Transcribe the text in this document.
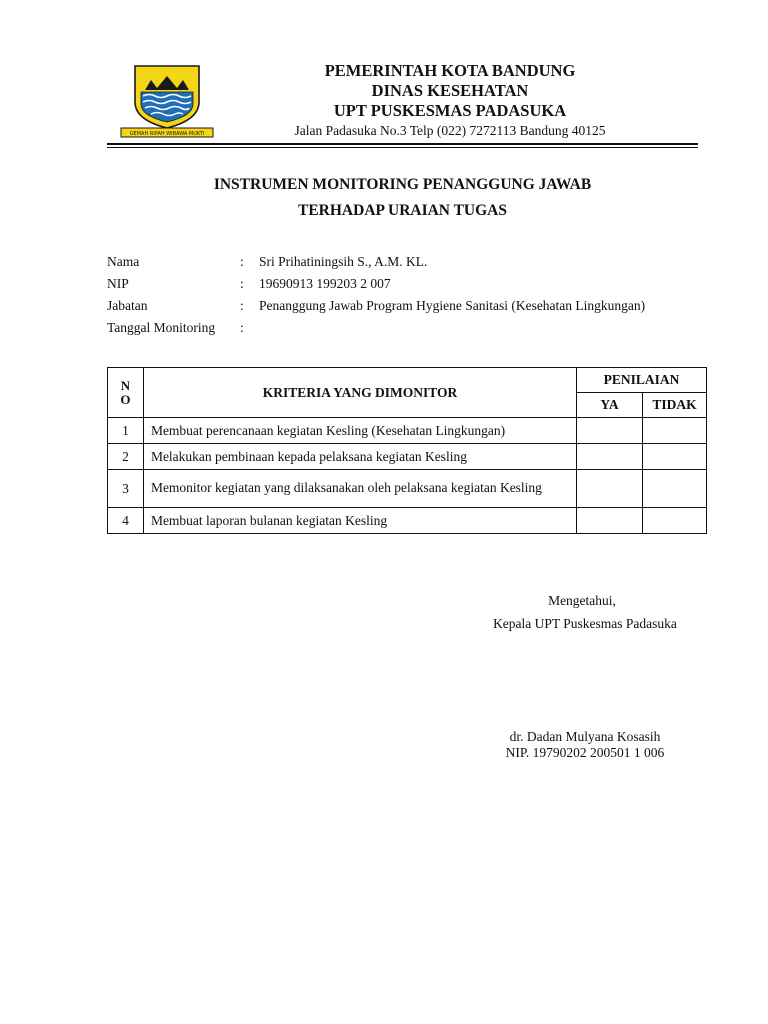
GEMAH RIPAH WIBAWA MUKTI
PEMERINTAH KOTA BANDUNG
DINAS KESEHATAN
UPT PUSKESMAS PADASUKA
Jalan Padasuka No.3 Telp (022) 7272113 Bandung 40125
INSTRUMEN MONITORING PENANGGUNG JAWAB
TERHADAP URAIAN TUGAS
Nama	: Sri Prihatiningsih S., A.M. KL.
NIP	: 19690913 199203 2 007
Jabatan	: Penanggung Jawab Program Hygiene Sanitasi (Kesehatan Lingkungan)
Tanggal Monitoring :
N
O	KRITERIA YANG DIMONITOR	PENILAIAN	
		YA	TIDAK
1	Membuat perencanaan kegiatan Kesling (Kesehatan Lingkungan)		
2	Melakukan pembinaan kepada pelaksana kegiatan Kesling		
3	Memonitor kegiatan yang dilaksanakan oleh pelaksana kegiatan Kesling		
4	Membuat laporan bulanan kegiatan Kesling		
Mengetahui,
Kepala UPT Puskesmas Padasuka
dr. Dadan Mulyana Kosasih
NIP. 19790202 200501 1 006
